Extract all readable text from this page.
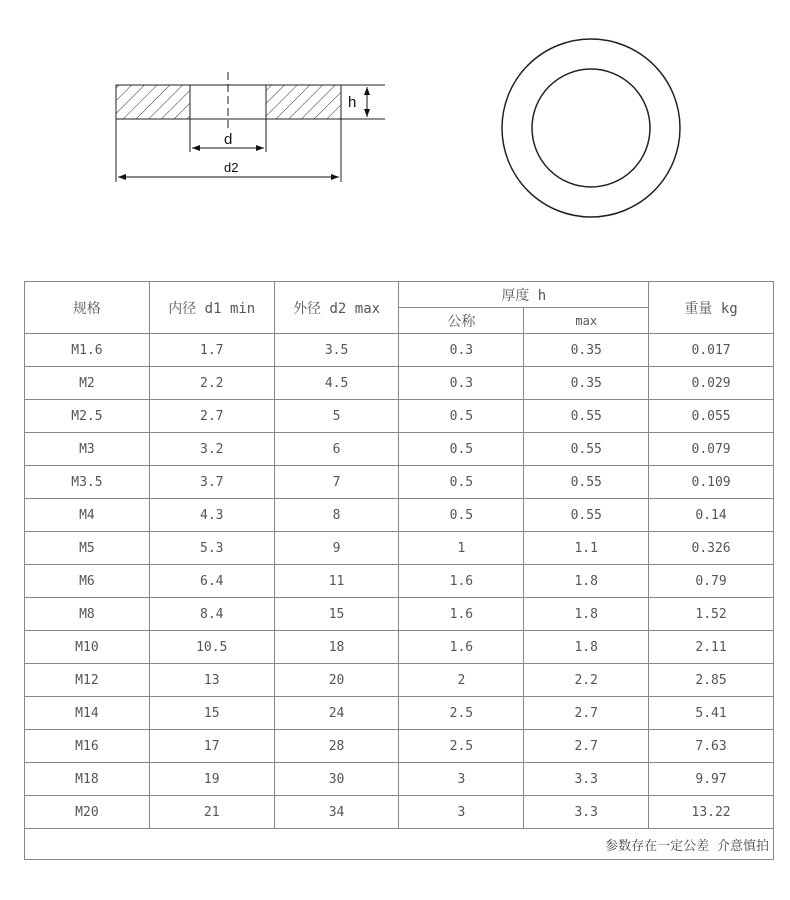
h
d
d2
规格	内径 d1 min	外径 d2 max	厚度 h		重量 kg
			公称	max	
M1.6	1.7	3.5	0.3	0.35	0.017
M2	2.2	4.5	0.3	0.35	0.029
M2.5	2.7	5	0.5	0.55	0.055
M3	3.2	6	0.5	0.55	0.079
M3.5	3.7	7	0.5	0.55	0.109
M4	4.3	8	0.5	0.55	0.14
M5	5.3	9	1	1.1	0.326
M6	6.4	11	1.6	1.8	0.79
M8	8.4	15	1.6	1.8	1.52
M10	10.5	18	1.6	1.8	2.11
M12	13	20	2	2.2	2.85
M14	15	24	2.5	2.7	5.41
M16	17	28	2.5	2.7	7.63
M18	19	30	3	3.3	9.97
M20	21	34	3	3.3	13.22
参数存在一定公差 介意慎拍					
